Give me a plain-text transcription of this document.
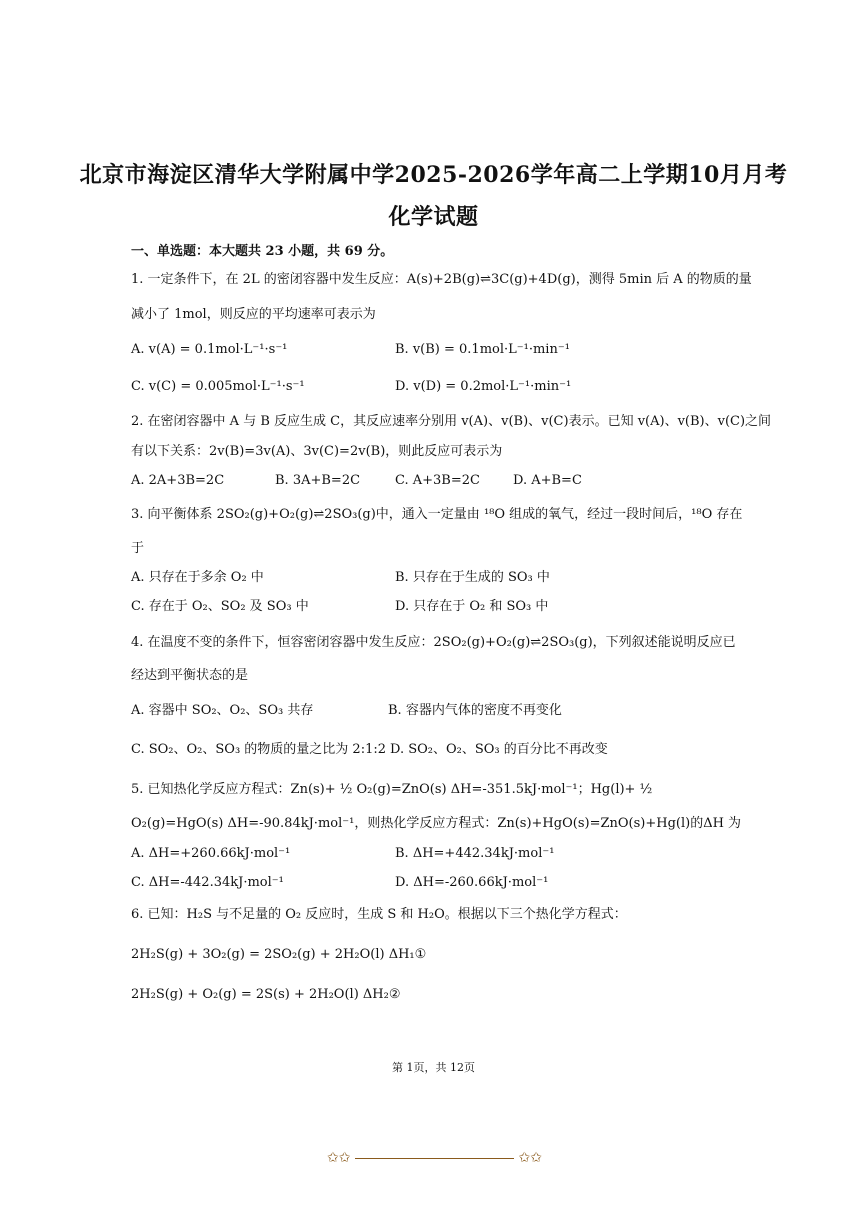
北京市海淀区清华大学附属中学2025-2026学年高二上学期10月月考
化学试题
一、单选题：本大题共 23 小题，共 69 分。
1. 一定条件下，在 2L 的密闭容器中发生反应：A(s)+2B(g)⇌3C(g)+4D(g)，测得 5min 后 A 的物质的量
减小了 1mol，则反应的平均速率可表示为
A. v(A) = 0.1mol·L⁻¹·s⁻¹	B. v(B) = 0.1mol·L⁻¹·min⁻¹
C. v(C) = 0.005mol·L⁻¹·s⁻¹	D. v(D) = 0.2mol·L⁻¹·min⁻¹
2. 在密闭容器中 A 与 B 反应生成 C，其反应速率分别用 v(A)、v(B)、v(C)表示。已知 v(A)、v(B)、v(C)之间
有以下关系：2v(B)=3v(A)、3v(C)=2v(B)，则此反应可表示为
A. 2A+3B=2C	B. 3A+B=2C	C. A+3B=2C	D. A+B=C
3. 向平衡体系 2SO₂(g)+O₂(g)⇌2SO₃(g)中，通入一定量由 ¹⁸O 组成的氧气，经过一段时间后，¹⁸O 存在
于
A. 只存在于多余 O₂ 中	B. 只存在于生成的 SO₃ 中
C. 存在于 O₂、SO₂ 及 SO₃ 中	D. 只存在于 O₂ 和 SO₃ 中
4. 在温度不变的条件下，恒容密闭容器中发生反应：2SO₂(g)+O₂(g)⇌2SO₃(g)，下列叙述能说明反应已
经达到平衡状态的是
A. 容器中 SO₂、O₂、SO₃ 共存	B. 容器内气体的密度不再变化
C. SO₂、O₂、SO₃ 的物质的量之比为 2:1:2 D. SO₂、O₂、SO₃ 的百分比不再改变
5. 已知热化学反应方程式：Zn(s)+ ½ O₂(g)=ZnO(s) ΔH=-351.5kJ·mol⁻¹；Hg(l)+ ½
O₂(g)=HgO(s) ΔH=-90.84kJ·mol⁻¹，则热化学反应方程式：Zn(s)+HgO(s)=ZnO(s)+Hg(l)的ΔH 为
A. ΔH=+260.66kJ·mol⁻¹	B. ΔH=+442.34kJ·mol⁻¹
C. ΔH=-442.34kJ·mol⁻¹	D. ΔH=-260.66kJ·mol⁻¹
6. 已知：H₂S 与不足量的 O₂ 反应时，生成 S 和 H₂O。根据以下三个热化学方程式：
2H₂S(g) + 3O₂(g) = 2SO₂(g) + 2H₂O(l) ΔH₁①
2H₂S(g) + O₂(g) = 2S(s) + 2H₂O(l) ΔH₂②
第 1页，共 12页
✩✩	✩✩
